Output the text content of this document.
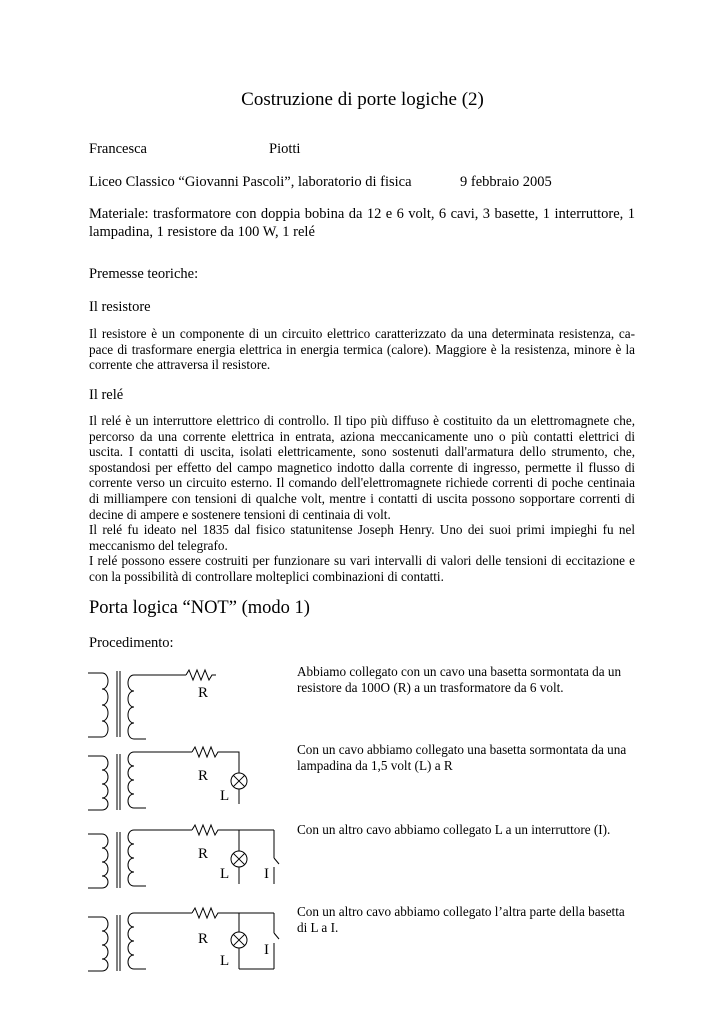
Costruzione di porte logiche (2)
Francesca	Piotti
Liceo Classico “Giovanni Pascoli”, laboratorio di fisica	9 febbraio 2005
Materiale: trasformatore con doppia bobina da 12 e 6 volt, 6 cavi, 3 basette, 1 interruttore, 1
lampadina, 1 resistore da 100 W, 1 relé
Premesse teoriche:
Il resistore
Il resistore è un componente di un circuito elettrico caratterizzato da una determinata resistenza, ca-
pace di trasformare energia elettrica in energia termica (calore). Maggiore è la resistenza, minore è la
corrente che attraversa il resistore.
Il relé
Il relé è un interruttore elettrico di controllo. Il tipo più diffuso è costituito da un elettromagnete che,
percorso da una corrente elettrica in entrata, aziona meccanicamente uno o più contatti elettrici di
uscita. I contatti di uscita, isolati elettricamente, sono sostenuti dall'armatura dello strumento, che,
spostandosi per effetto del campo magnetico indotto dalla corrente di ingresso, permette il flusso di
corrente verso un circuito esterno. Il comando dell'elettromagnete richiede correnti di poche centinaia
di milliampere con tensioni di qualche volt, mentre i contatti di uscita possono sopportare correnti di
decine di ampere e sostenere tensioni di centinaia di volt.
Il relé fu ideato nel 1835 dal fisico statunitense Joseph Henry. Uno dei suoi primi impieghi fu nel
meccanismo del telegrafo.
I relé possono essere costruiti per funzionare su vari intervalli di valori delle tensioni di eccitazione e
con la possibilità di controllare molteplici combinazioni di contatti.
Porta logica “NOT” (modo 1)
Procedimento:
R
Abbiamo collegato con un cavo una basetta sormontata da un
resistore da 100O (R) a un trasformatore da 6 volt.
R
L
Con un cavo abbiamo collegato una basetta sormontata da una
lampadina da 1,5 volt (L) a R
R
L I
Con un altro cavo abbiamo collegato L a un interruttore (I).
R
L
I
Con un altro cavo abbiamo collegato l’altra parte della basetta
di L a I.
